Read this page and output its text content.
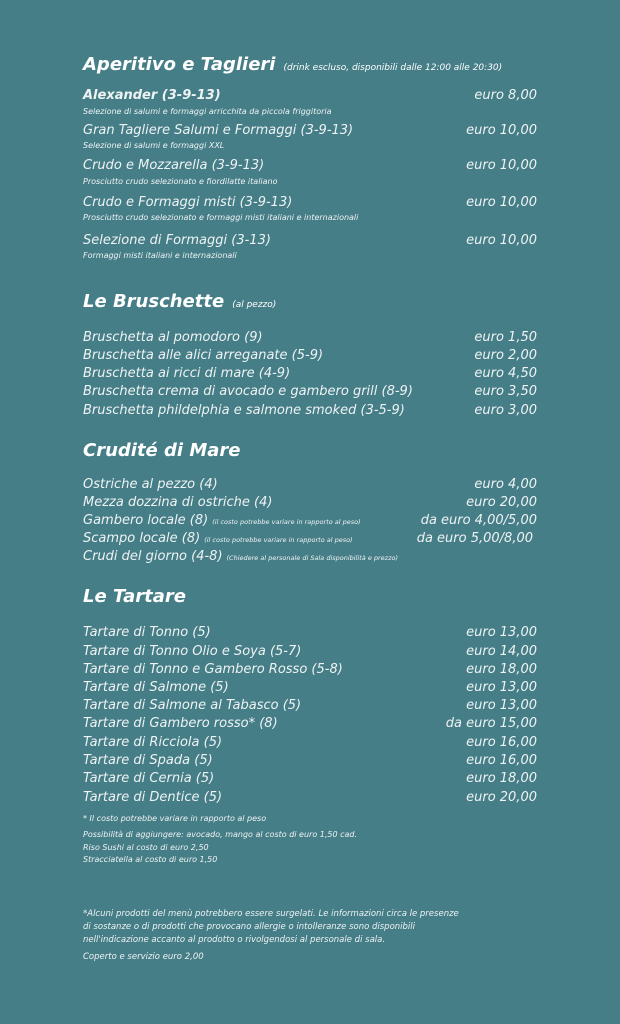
Aperitivo e Taglieri (drink escluso, disponibili dalle 12:00 alle 20:30)
Alexander (3-9-13)	euro 8,00
Selezione di salumi e formaggi arricchita da piccola friggitoria
Gran Tagliere Salumi e Formaggi (3-9-13)	euro 10,00
Selezione di salumi e formaggi XXL
Crudo e Mozzarella (3-9-13)	euro 10,00
Prosciutto crudo selezionato e fiordilatte italiano
Crudo e Formaggi misti (3-9-13)	euro 10,00
Prosciutto crudo selezionato e formaggi misti italiani e internazionali
Selezione di Formaggi (3-13)	euro 10,00
Formaggi misti italiani e internazionali
Le Bruschette (al pezzo)
Bruschetta al pomodoro (9)	euro 1,50
Bruschetta alle alici arreganate (5-9)	euro 2,00
Bruschetta ai ricci di mare (4-9)	euro 4,50
Bruschetta crema di avocado e gambero grill (8-9)	euro 3,50
Bruschetta phildelphia e salmone smoked (3-5-9)	euro 3,00
Crudité di Mare
Ostriche al pezzo (4)	euro 4,00
Mezza dozzina di ostriche (4)	euro 20,00
Gambero locale (8) (il costo potrebbe variare in rapporto al peso)	da euro 4,00/5,00
Scampo locale (8) (il costo potrebbe variare in rapporto al peso)	da euro 5,00/8,00
Crudi del giorno (4-8) (Chiedere al personale di Sala disponibilità e prezzo)
Le Tartare
Tartare di Tonno (5)	euro 13,00
Tartare di Tonno Olio e Soya (5-7)	euro 14,00
Tartare di Tonno e Gambero Rosso (5-8)	euro 18,00
Tartare di Salmone (5)	euro 13,00
Tartare di Salmone al Tabasco (5)	euro 13,00
Tartare di Gambero rosso* (8)	da euro 15,00
Tartare di Ricciola (5)	euro 16,00
Tartare di Spada (5)	euro 16,00
Tartare di Cernia (5)	euro 18,00
Tartare di Dentice (5)	euro 20,00
* Il costo potrebbe variare in rapporto al peso
Possibilità di aggiungere: avocado, mango al costo di euro 1,50 cad.
Riso Sushi al costo di euro 2,50
Stracciatella al costo di euro 1,50
*Alcuni prodotti del menù potrebbero essere surgelati. Le informazioni circa le presenze
di sostanze o di prodotti che provocano allergie o intolleranze sono disponibili
nell'indicazione accanto al prodotto o rivolgendosi al personale di sala.
Coperto e servizio euro 2,00
